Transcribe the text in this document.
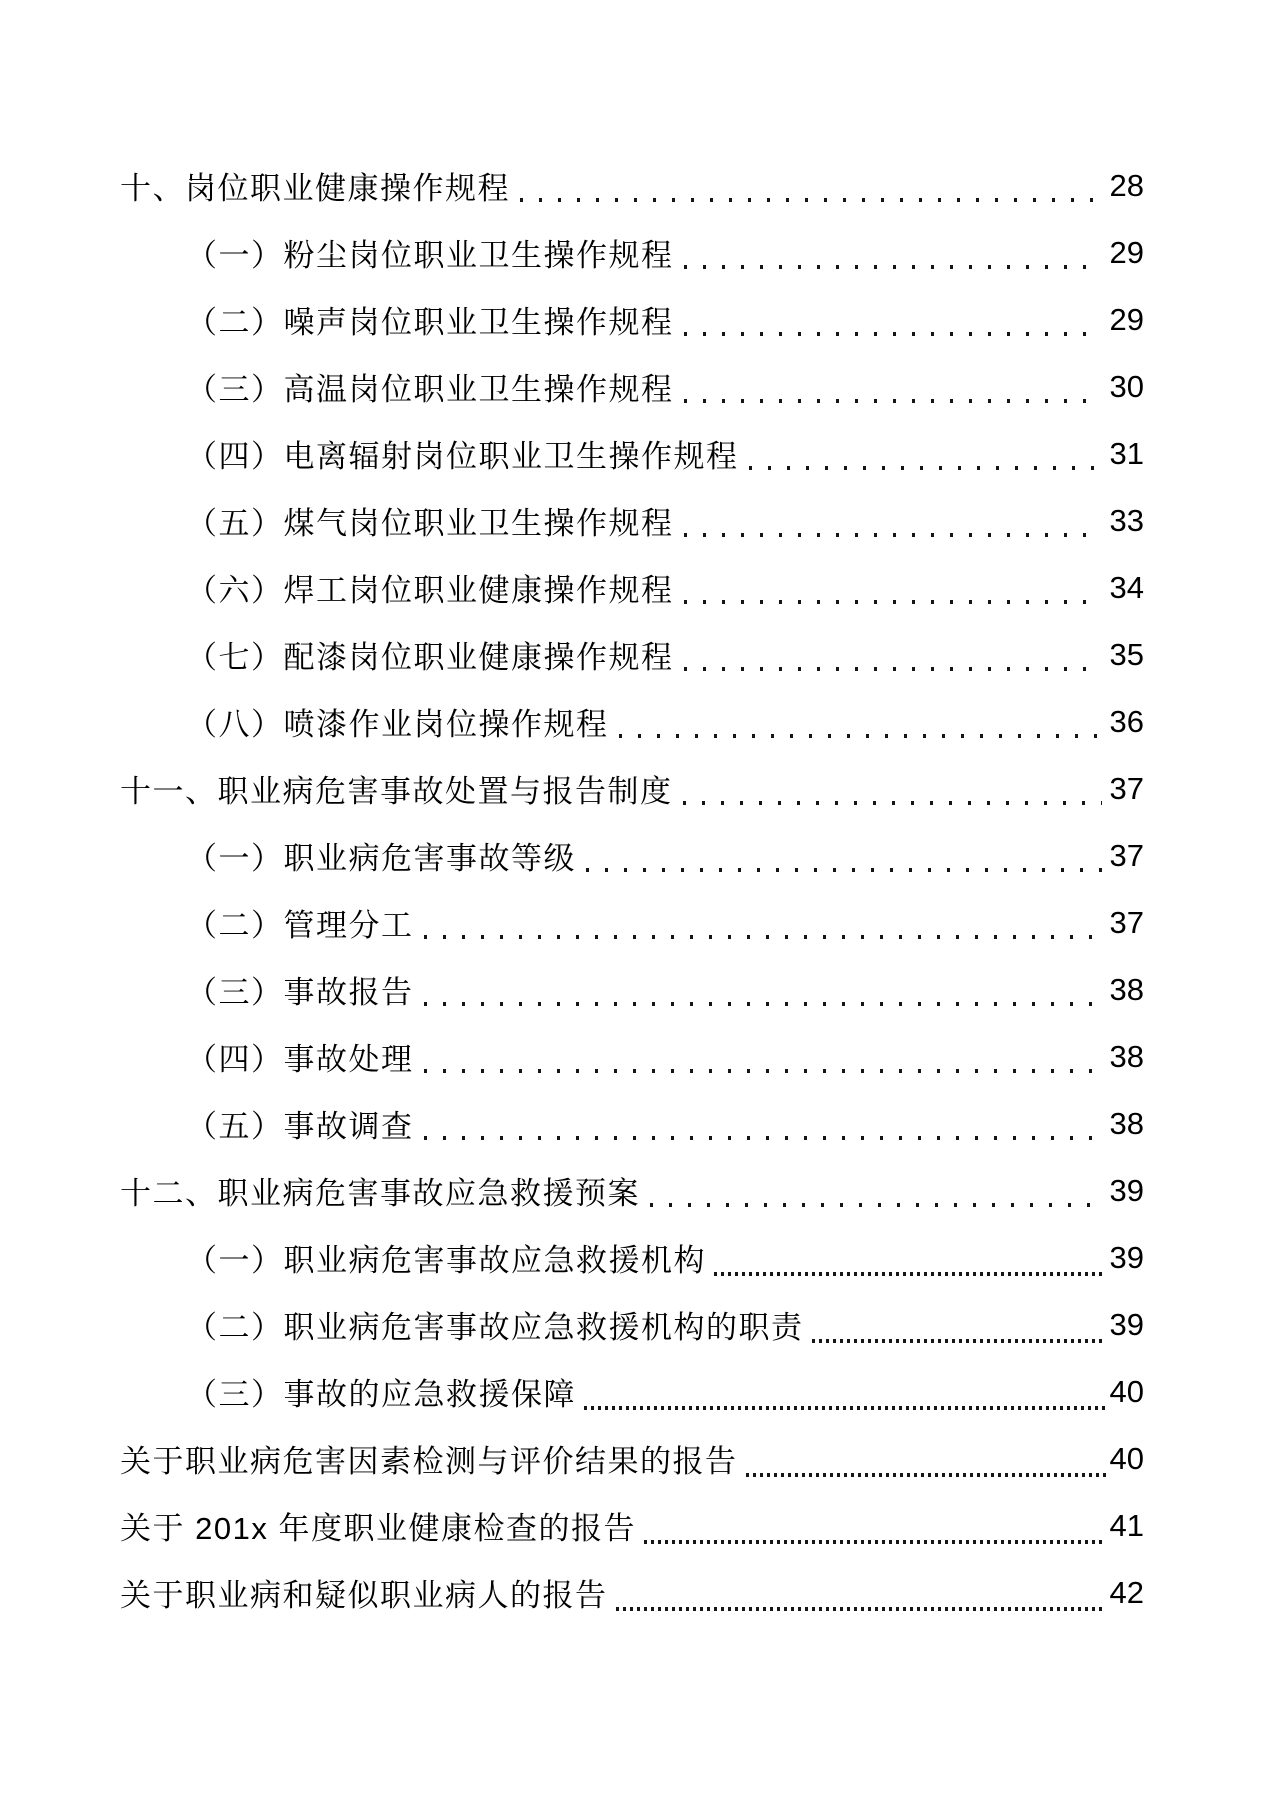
十、岗位职业健康操作规程	28
（一）粉尘岗位职业卫生操作规程	29
（二）噪声岗位职业卫生操作规程	29
（三）高温岗位职业卫生操作规程	30
（四）电离辐射岗位职业卫生操作规程	31
（五）煤气岗位职业卫生操作规程	33
（六）焊工岗位职业健康操作规程	34
（七）配漆岗位职业健康操作规程	35
（八）喷漆作业岗位操作规程	36
十一、职业病危害事故处置与报告制度	37
（一）职业病危害事故等级	37
（二）管理分工	37
（三）事故报告	38
（四）事故处理	38
（五）事故调查	38
十二、职业病危害事故应急救援预案	39
（一）职业病危害事故应急救援机构	39
（二）职业病危害事故应急救援机构的职责	39
（三）事故的应急救援保障	40
关于职业病危害因素检测与评价结果的报告	40
关于 201x 年度职业健康检查的报告	41
关于职业病和疑似职业病人的报告	42
